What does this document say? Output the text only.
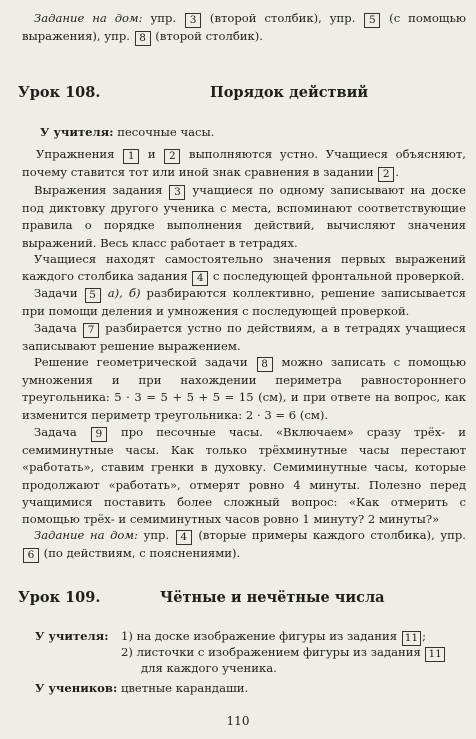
Задание на дом: упр. 3 (второй столбик), упр. 5 (с помощью выражения), упр. 8 (второй столбик).
Урок 108.	Порядок действий
У учителя: песочные часы.
Упражнения 1 и 2 выполняются устно. Учащиеся объясняют, почему ставится тот или иной знак сравнения в задании 2 .
Выражения задания 3 учащиеся по одному записывают на доске под диктовку другого ученика с места, вспоминают соответствующие правила о порядке выполнения действий, вычисляют значения выражений. Весь класс работает в тетрадях.
Учащиеся находят самостоятельно значения первых выражений каждого столбика задания 4 с последующей фронтальной проверкой.
Задачи 5 а), б) разбираются коллективно, решение записывается при помощи деления и умножения с последующей проверкой.
Задача 7 разбирается устно по действиям, а в тетрадях учащиеся записывают решение выражением.
Решение геометрической задачи 8 можно записать с помощью умножения и при нахождении периметра равностороннего треугольника: 5 · 3 = 5 + 5 + 5 = 15 (см), и при ответе на вопрос, как изменится периметр треугольника: 2 · 3 = 6 (см).
Задача 9 про песочные часы. «Включаем» сразу трёх- и семиминутные часы. Как только трёхминутные часы перестают «работать», ставим гренки в духовку. Семиминутные часы, которые продолжают «работать», отмерят ровно 4 минуты. Полезно перед учащимися поставить более сложный вопрос: «Как отмерить с помощью трёх- и семиминутных часов ровно 1 минуту? 2 минуты?»
Задание на дом: упр. 4 (вторые примеры каждого столбика), упр. 6 (по действиям, с пояснениями).
Урок 109.	Чётные и нечётные числа
У учителя: 1) на доске изображение фигуры из задания 11 ;
2) листочки с изображением фигуры из задания 11
для каждого ученика.
У учеников: цветные карандаши.
110
